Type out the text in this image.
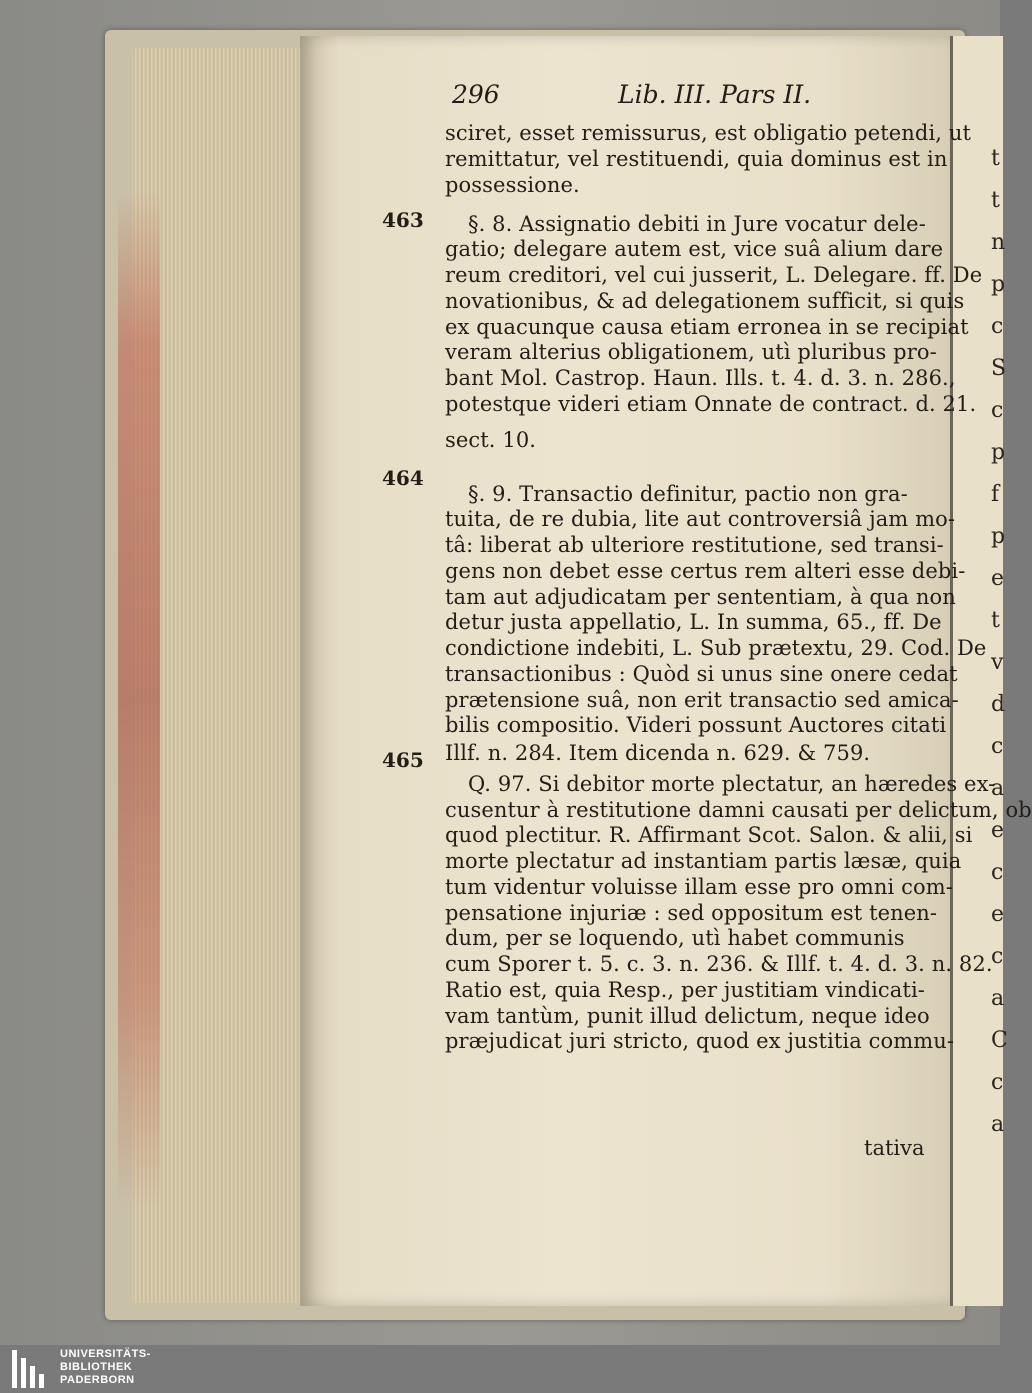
t
t
n
p
c
S
c
p
f
p
e
t
v
d
c
a
e
c
e
c
a
C
c
a
296	Lib. III. Pars II.
463
464
465
sciret, esset remissurus, est obligatio petendi, ut
remittatur, vel restituendi, quia dominus est in
possessione.
§. 8. Assignatio debiti in Jure vocatur dele-
gatio; delegare autem est, vice suâ alium dare
reum creditori, vel cui jusserit, L. Delegare. ff. De
novationibus, & ad delegationem sufficit, si quis
ex quacunque causa etiam erronea in se recipiat
veram alterius obligationem, utì pluribus pro-
bant Mol. Castrop. Haun. Ills. t. 4. d. 3. n. 286.,
potestque videri etiam Onnate de contract. d. 21.
sect. 10.
§. 9. Transactio definitur, pactio non gra-
tuita, de re dubia, lite aut controversiâ jam mo-
tâ: liberat ab ulteriore restitutione, sed transi-
gens non debet esse certus rem alteri esse debi-
tam aut adjudicatam per sententiam, à qua non
detur justa appellatio, L. In summa, 65., ff. De
condictione indebiti, L. Sub prætextu, 29. Cod. De
transactionibus : Quòd si unus sine onere cedat
prætensione suâ, non erit transactio sed amica-
bilis compositio. Videri possunt Auctores citati
Illf. n. 284. Item dicenda n. 629. & 759.
Q. 97. Si debitor morte plectatur, an hæredes ex-
cusentur à restitutione damni causati per delictum, ob
quod plectitur. R. Affirmant Scot. Salon. & alii, si
morte plectatur ad instantiam partis læsæ, quia
tum videntur voluisse illam esse pro omni com-
pensatione injuriæ : sed oppositum est tenen-
dum, per se loquendo, utì habet communis
cum Sporer t. 5. c. 3. n. 236. & Illf. t. 4. d. 3. n. 82.
Ratio est, quia Resp., per justitiam vindicati-
vam tantùm, punit illud delictum, neque ideo
præjudicat juri stricto, quod ex justitia commu-
tativa
UNIVERSITÄTS-
BIBLIOTHEK
PADERBORN
